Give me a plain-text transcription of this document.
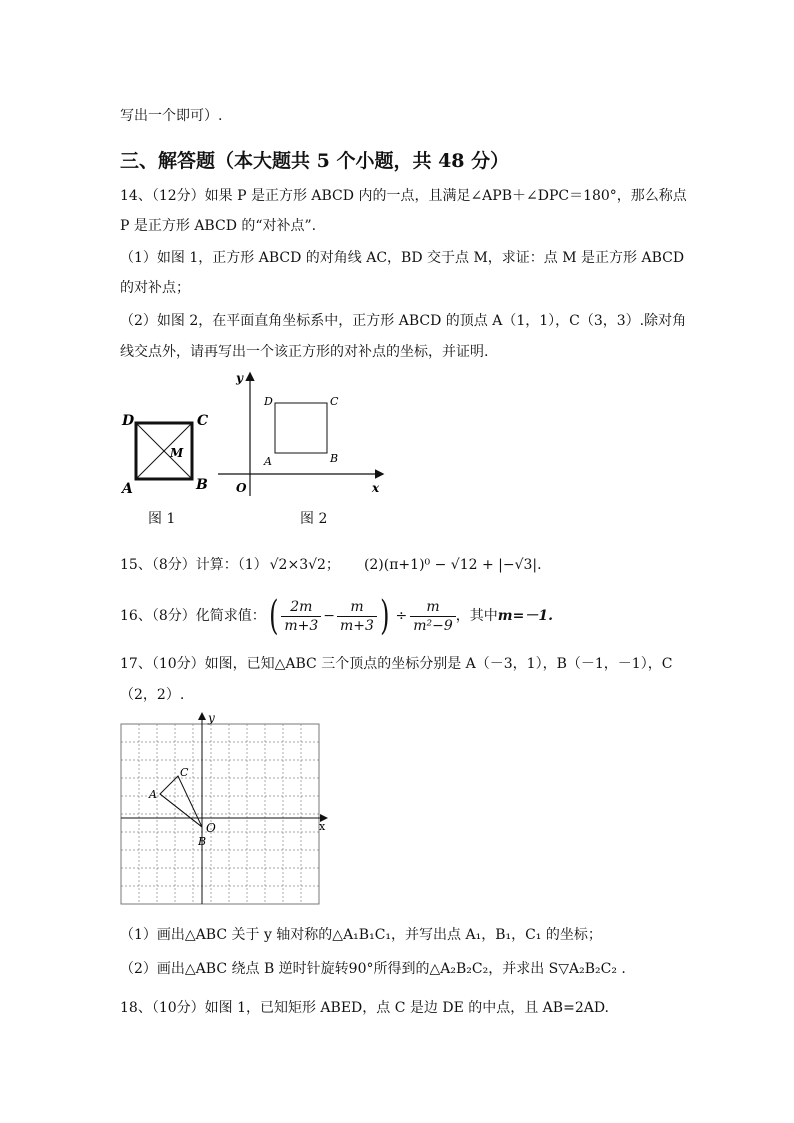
写出一个即可）.
三、解答题（本大题共 5 个小题，共 48 分）
14、（12分）如果 P 是正方形 ABCD 内的一点，且满足∠APB＋∠DPC＝180°，那么称点
P 是正方形 ABCD 的“对补点”.
（1）如图 1，正方形 ABCD 的对角线 AC，BD 交于点 M，求证：点 M 是正方形 ABCD
的对补点；
（2）如图 2，在平面直角坐标系中，正方形 ABCD 的顶点 A（1，1），C（3，3）.除对角
线交点外，请再写出一个该正方形的对补点的坐标，并证明.
D	C
A	B
M
图 1
y
x
O
D	C
A	B
图 2
15、（8分）计算：（1） √2×3√2； (2)(π+1)⁰ − √12 + |−√3|.
16、（8分）化简求值：( $\frac{2m}{m+3} - \frac{m}{m+3}$ ) ÷ $\frac{m}{\text{m²−9}}$ ，其中m=－1.
17、（10分）如图，已知△ABC 三个顶点的坐标分别是 A（－3，1），B（－1，－1），C
（2，2）.
y
x
O
A
B
C
（1）画出△ABC 关于 y 轴对称的△A₁B₁C₁，并写出点 A₁，B₁，C₁ 的坐标；
（2）画出△ABC 绕点 B 逆时针旋转90°所得到的△A₂B₂C₂，并求出 S▽A₂B₂C₂ .
18、（10分）如图 1，已知矩形 ABED，点 C 是边 DE 的中点，且 AB=2AD.
